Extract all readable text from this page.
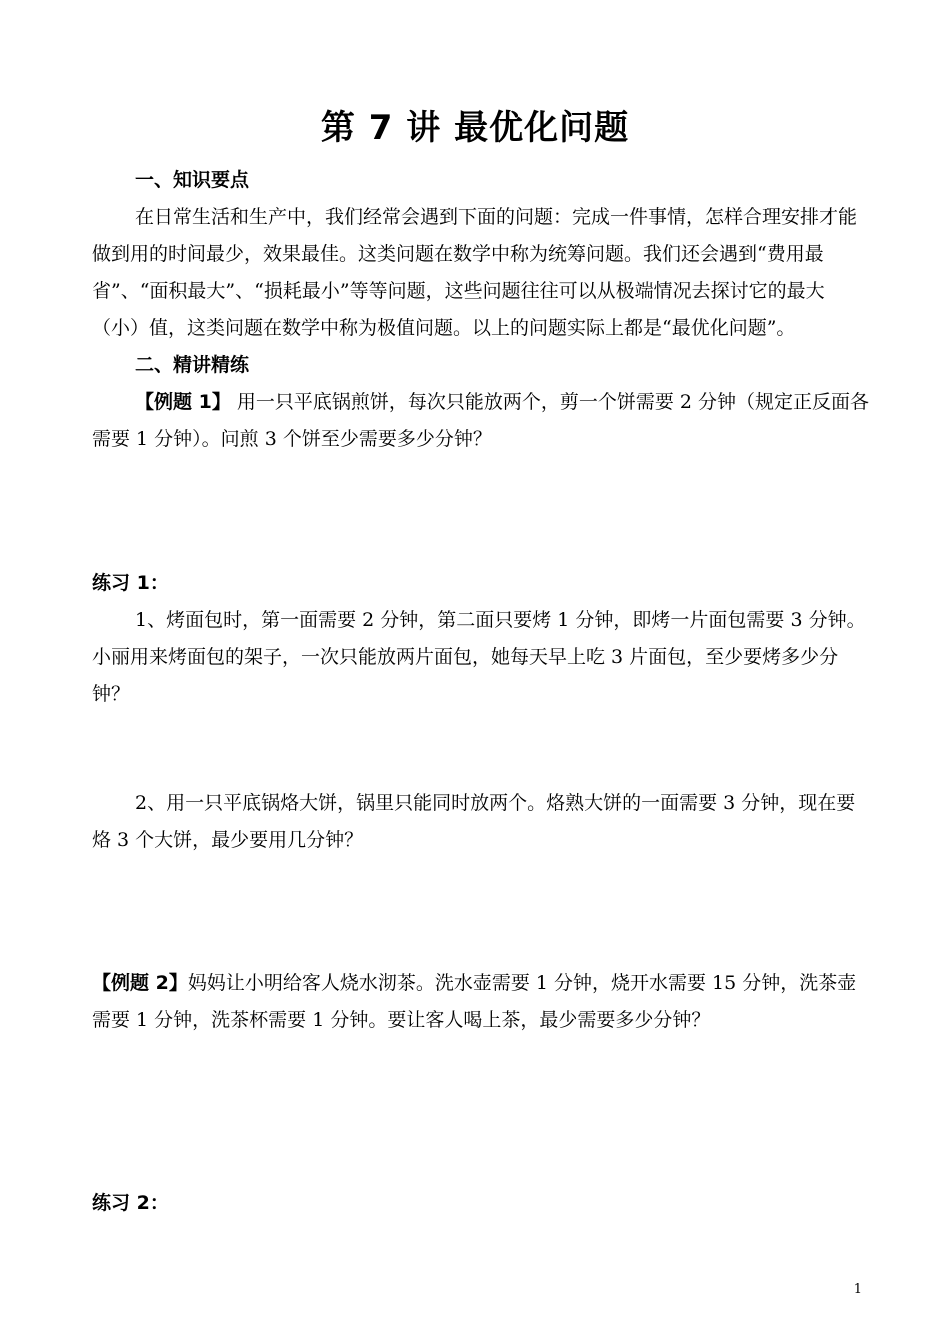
第 7 讲 最优化问题

一、知识要点

在日常生活和生产中，我们经常会遇到下面的问题：完成一件事情，怎样合理安排才能做到用的时间最少，效果最佳。这类问题在数学中称为统筹问题。我们还会遇到“费用最省”、“面积最大”、“损耗最小”等等问题，这些问题往往可以从极端情况去探讨它的最大（小）值，这类问题在数学中称为极值问题。以上的问题实际上都是“最优化问题”。

二、精讲精练

【例题 1】 用一只平底锅煎饼，每次只能放两个，剪一个饼需要 2 分钟（规定正反面各需要 1 分钟）。问煎 3 个饼至少需要多少分钟？

练习 1：

1、烤面包时，第一面需要 2 分钟，第二面只要烤 1 分钟，即烤一片面包需要 3 分钟。小丽用来烤面包的架子，一次只能放两片面包，她每天早上吃 3 片面包，至少要烤多少分钟？

2、用一只平底锅烙大饼，锅里只能同时放两个。烙熟大饼的一面需要 3 分钟，现在要烙 3 个大饼，最少要用几分钟？

【例题 2】妈妈让小明给客人烧水沏茶。洗水壶需要 1 分钟，烧开水需要 15 分钟，洗茶壶需要 1 分钟，洗茶杯需要 1 分钟。要让客人喝上茶，最少需要多少分钟？

练习 2：

1
